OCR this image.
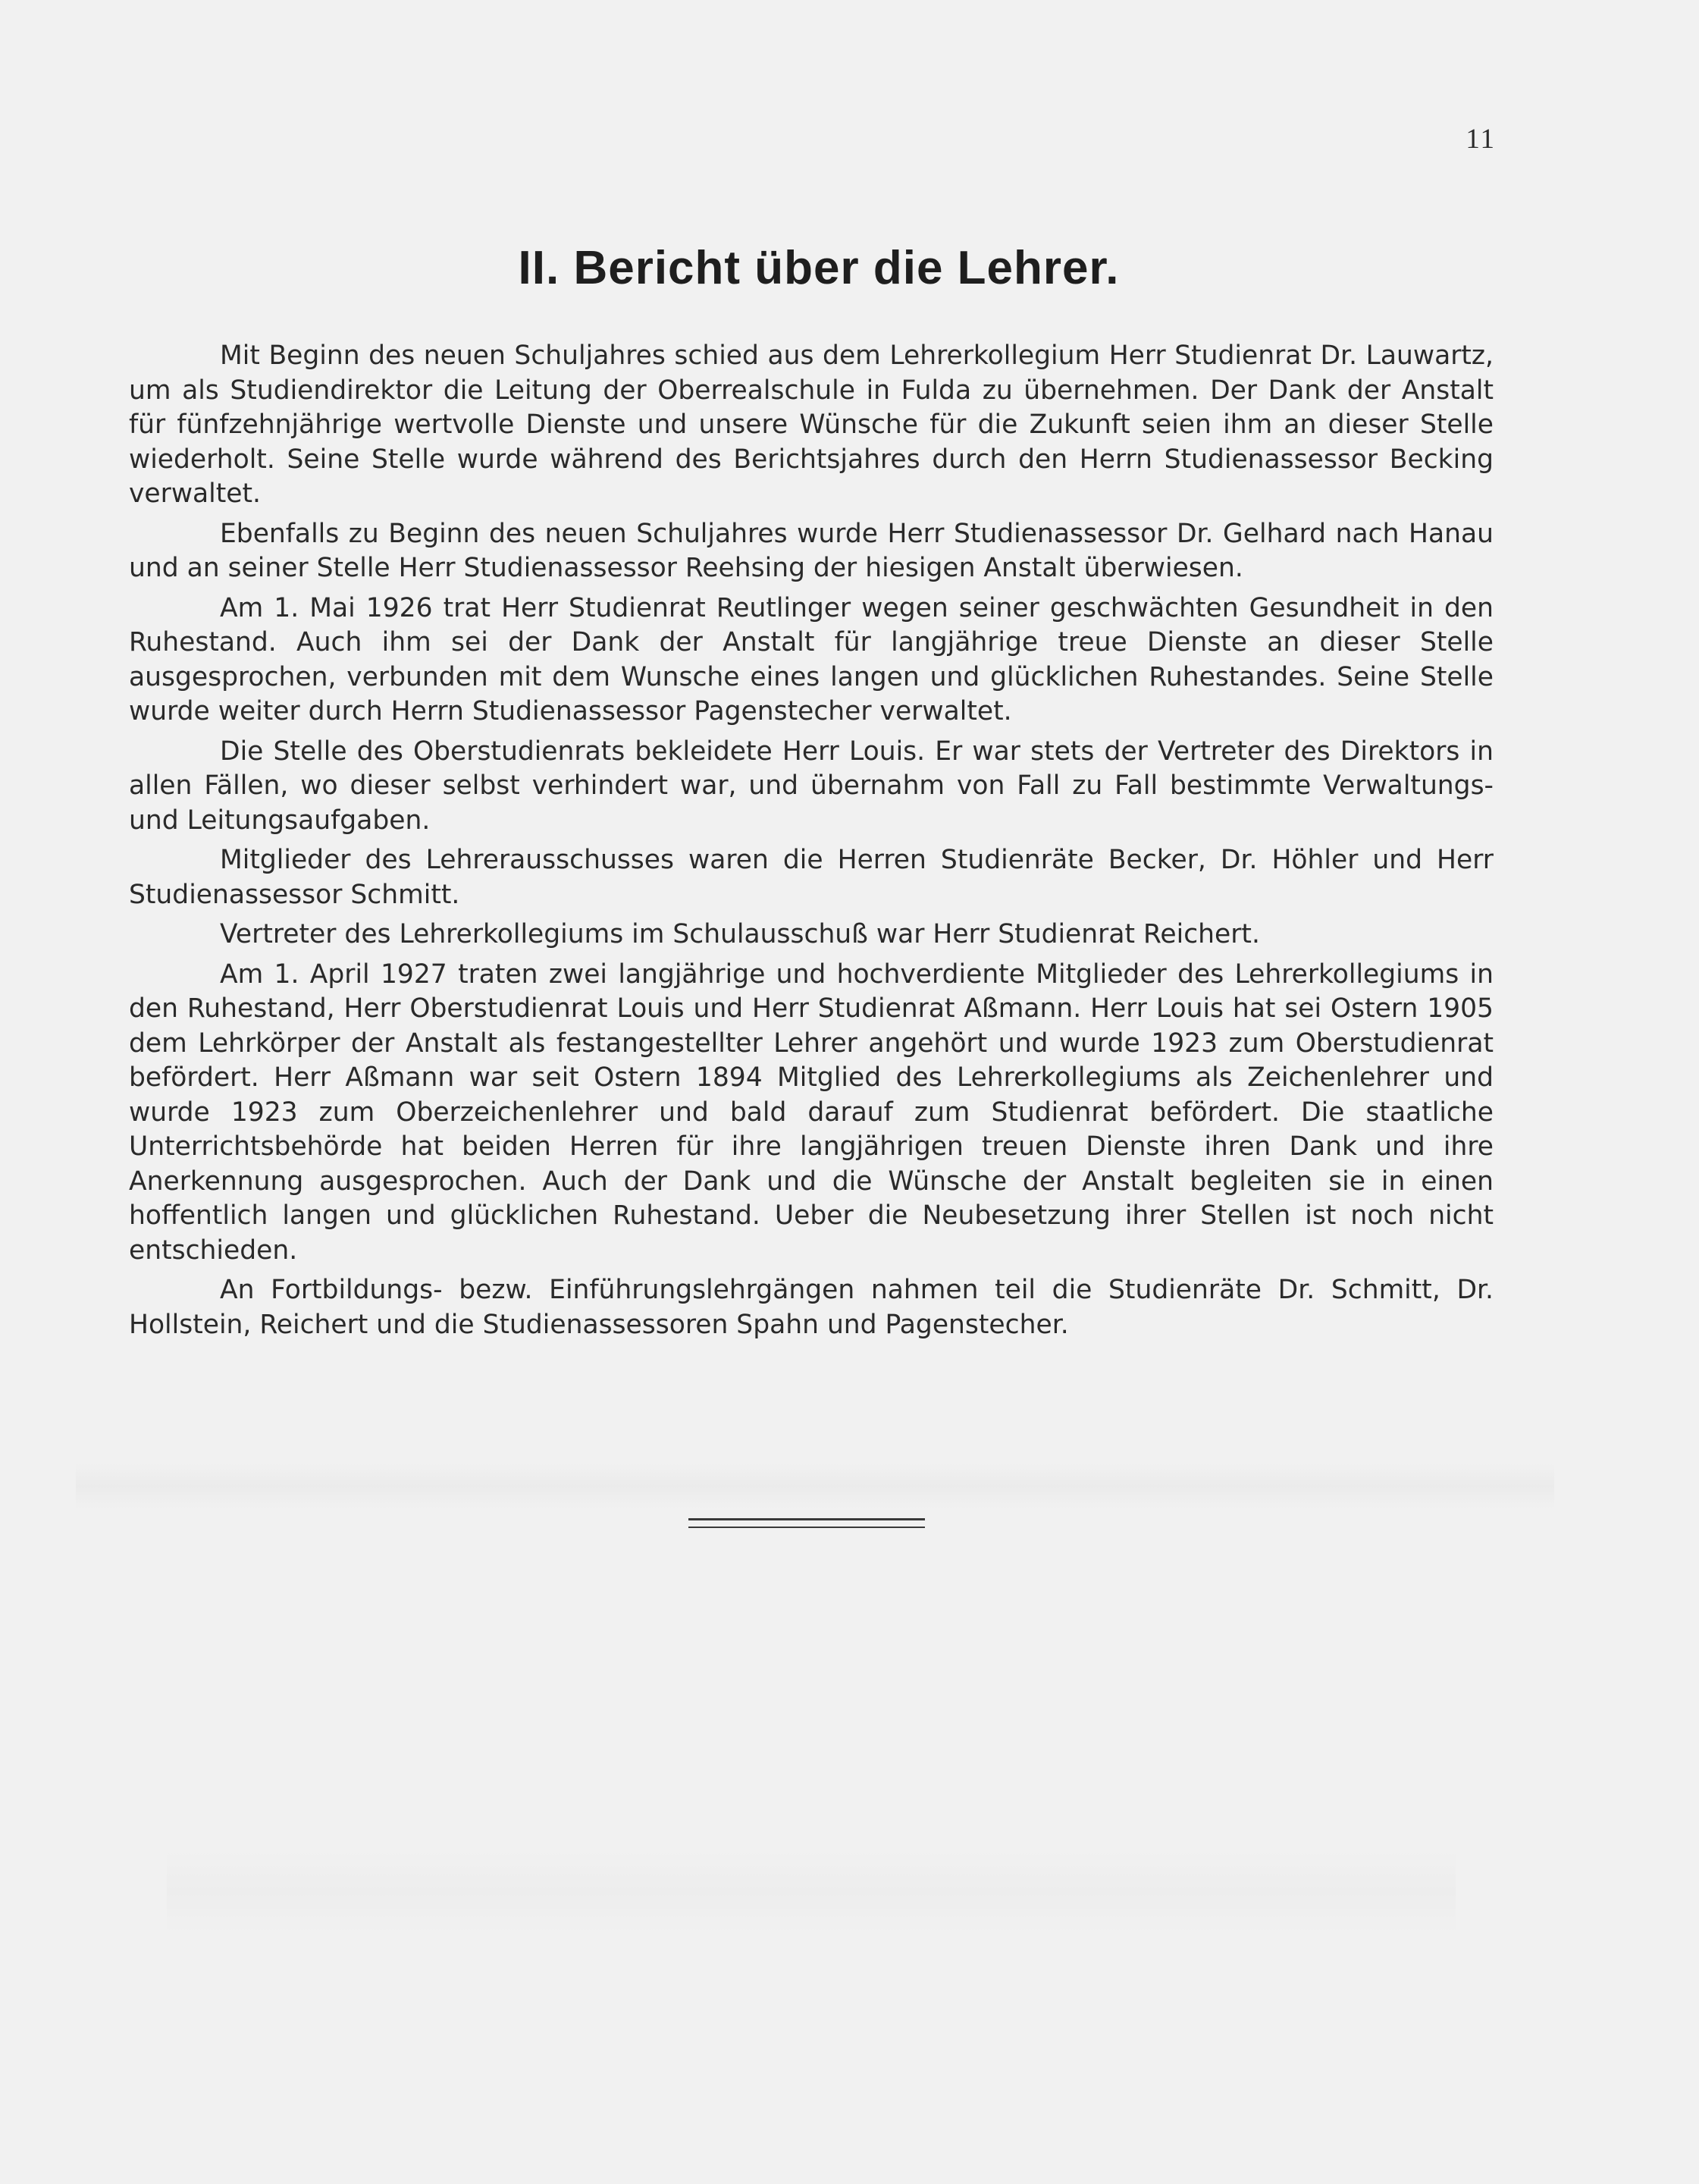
11
II. Bericht über die Lehrer.

Mit Beginn des neuen Schuljahres schied aus dem Lehrerkollegium Herr Studienrat Dr. Lauwartz, um als Studiendirektor die Leitung der Oberrealschule in Fulda zu übernehmen. Der Dank der Anstalt für fünfzehnjährige wertvolle Dienste und unsere Wünsche für die Zukunft seien ihm an dieser Stelle wiederholt. Seine Stelle wurde während des Berichtsjahres durch den Herrn Studienassessor Becking verwaltet.

Ebenfalls zu Beginn des neuen Schuljahres wurde Herr Studienassessor Dr. Gelhard nach Hanau und an seiner Stelle Herr Studienassessor Reehsing der hiesigen Anstalt überwiesen.

Am 1. Mai 1926 trat Herr Studienrat Reutlinger wegen seiner geschwächten Gesundheit in den Ruhestand. Auch ihm sei der Dank der Anstalt für langjährige treue Dienste an dieser Stelle ausgesprochen, verbunden mit dem Wunsche eines langen und glücklichen Ruhestandes. Seine Stelle wurde weiter durch Herrn Studienassessor Pagenstecher verwaltet.

Die Stelle des Oberstudienrats bekleidete Herr Louis. Er war stets der Vertreter des Direktors in allen Fällen, wo dieser selbst verhindert war, und übernahm von Fall zu Fall bestimmte Verwaltungs- und Leitungsaufgaben.

Mitglieder des Lehrerausschusses waren die Herren Studienräte Becker, Dr. Höhler und Herr Studienassessor Schmitt.

Vertreter des Lehrerkollegiums im Schulausschuß war Herr Studienrat Reichert.

Am 1. April 1927 traten zwei langjährige und hochverdiente Mitglieder des Lehrerkollegiums in den Ruhestand, Herr Oberstudienrat Louis und Herr Studienrat Aßmann. Herr Louis hat sei Ostern 1905 dem Lehrkörper der Anstalt als festangestellter Lehrer angehört und wurde 1923 zum Oberstudienrat befördert. Herr Aßmann war seit Ostern 1894 Mitglied des Lehrerkollegiums als Zeichenlehrer und wurde 1923 zum Oberzeichenlehrer und bald darauf zum Studienrat befördert. Die staatliche Unterrichtsbehörde hat beiden Herren für ihre langjährigen treuen Dienste ihren Dank und ihre Anerkennung ausgesprochen. Auch der Dank und die Wünsche der Anstalt begleiten sie in einen hoffentlich langen und glücklichen Ruhestand. Ueber die Neubesetzung ihrer Stellen ist noch nicht entschieden.

An Fortbildungs- bezw. Einführungslehrgängen nahmen teil die Studienräte Dr. Schmitt, Dr. Hollstein, Reichert und die Studienassessoren Spahn und Pagenstecher.
